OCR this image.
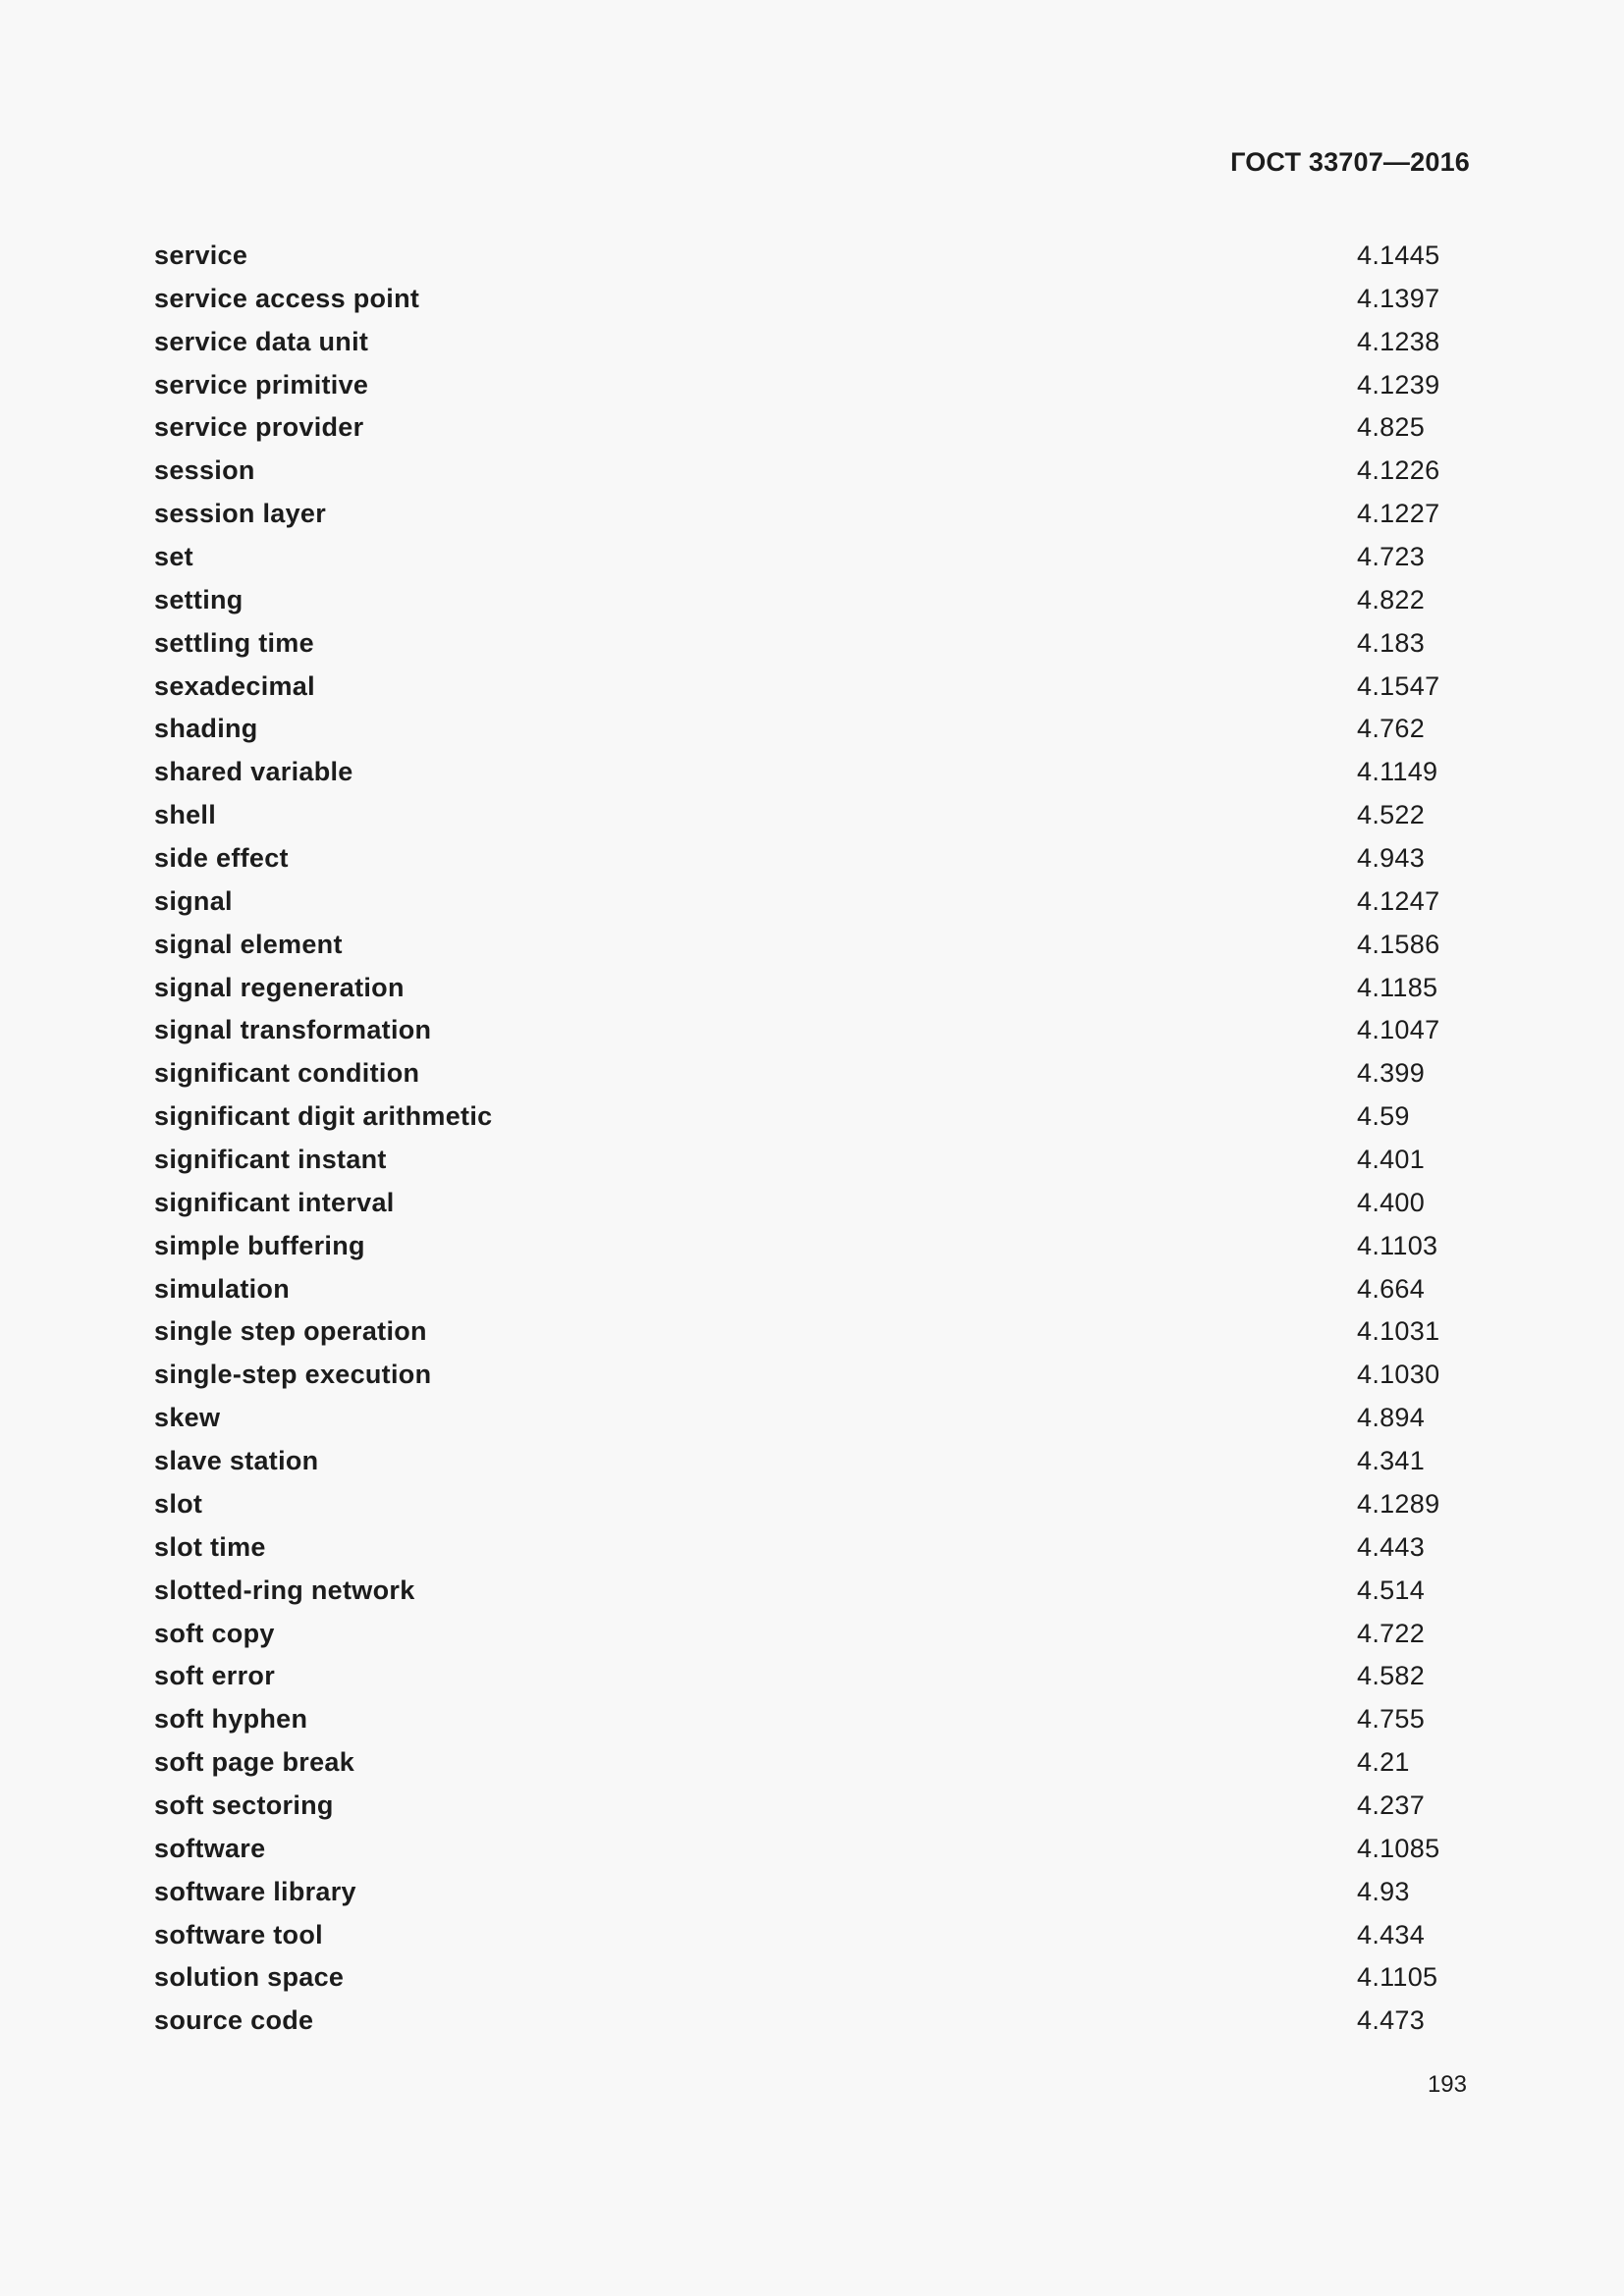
ГОСТ 33707—2016
service	4.1445
service access point	4.1397
service data unit	4.1238
service primitive	4.1239
service provider	4.825
session	4.1226
session layer	4.1227
set	4.723
setting	4.822
settling time	4.183
sexadecimal	4.1547
shading	4.762
shared variable	4.1149
shell	4.522
side effect	4.943
signal	4.1247
signal element	4.1586
signal regeneration	4.1185
signal transformation	4.1047
significant condition	4.399
significant digit arithmetic	4.59
significant instant	4.401
significant interval	4.400
simple buffering	4.1103
simulation	4.664
single step operation	4.1031
single-step execution	4.1030
skew	4.894
slave station	4.341
slot	4.1289
slot time	4.443
slotted-ring network	4.514
soft copy	4.722
soft error	4.582
soft hyphen	4.755
soft page break	4.21
soft sectoring	4.237
software	4.1085
software library	4.93
software tool	4.434
solution space	4.1105
source code	4.473
193
